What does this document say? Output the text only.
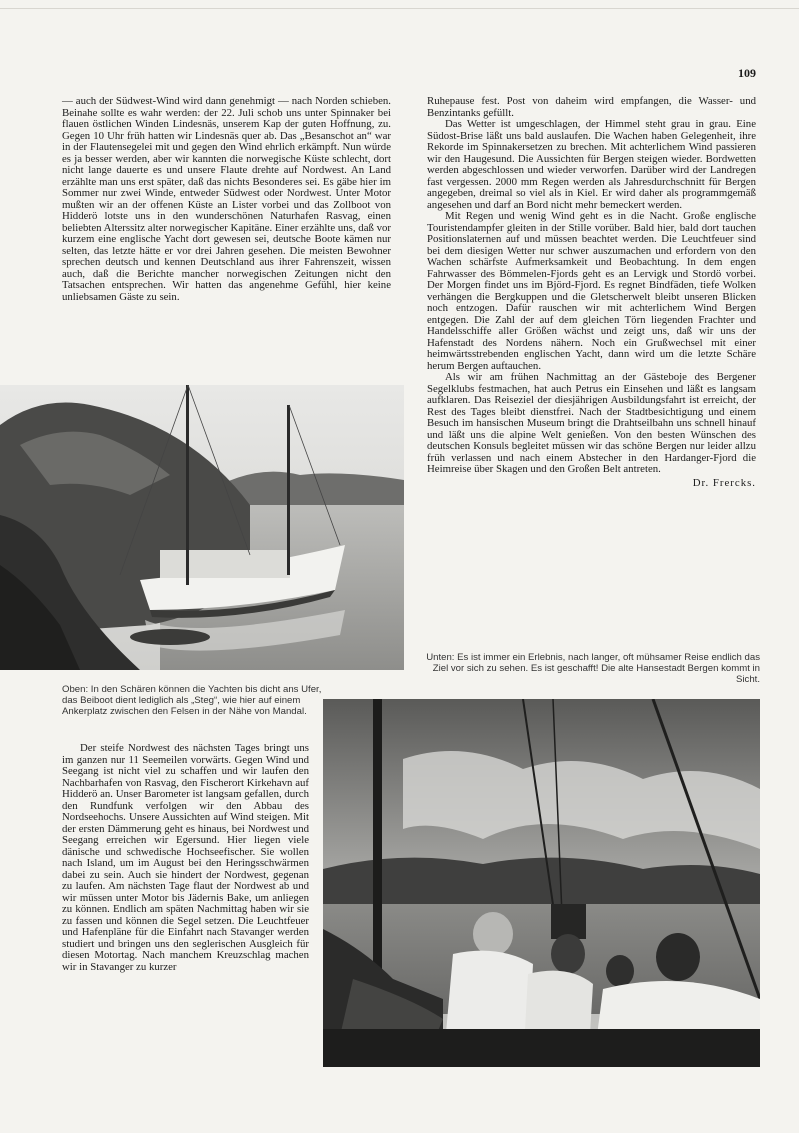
109

— auch der Südwest-Wind wird dann genehmigt — nach Norden schieben. Beinahe sollte es wahr werden: der 22. Juli schob uns unter Spinnaker bei flauen östlichen Winden Lindesnäs, unserem Kap der guten Hoffnung, zu. Gegen 10 Uhr früh hatten wir Lindesnäs quer ab. Das „Besanschot an“ war in der Flautensegelei mit und gegen den Wind ehrlich erkämpft. Nun würde es ja besser werden, aber wir kannten die norwegische Küste schlecht, dort nicht lange dauerte es und unsere Flaute drehte auf Nordwest. An Land erzählte man uns erst später, daß das nichts Besonderes sei. Es gäbe hier im Sommer nur zwei Winde, entweder Südwest oder Nordwest. Unter Motor mußten wir an der offenen Küste an Lister vorbei und das Zollboot von Hidderö lotste uns in den wunderschönen Naturhafen Rasvag, einen beliebten Alterssitz alter norwegischer Kapitäne. Einer erzählte uns, daß vor kurzem eine englische Yacht dort gewesen sei, deutsche Boote kämen nur selten, das letzte hätte er vor drei Jahren gesehen. Die meisten Bewohner sprechen deutsch und kennen Deutschland aus ihrer Fahrenszeit, wissen auch, daß die Berichte mancher norwegischen Zeitungen nicht den Tatsachen entsprechen. Wir hatten das angenehme Gefühl, hier keine unliebsamen Gäste zu sein.

Ruhepause fest. Post von daheim wird empfangen, die Wasser- und Benzintanks gefüllt.

Das Wetter ist umgeschlagen, der Himmel steht grau in grau. Eine Südost-Brise läßt uns bald auslaufen. Die Wachen haben Gelegenheit, ihre Rekorde im Spinnakersetzen zu brechen. Mit achterlichem Wind passieren wir den Haugesund. Die Aussichten für Bergen steigen wieder. Bordwetten werden abgeschlossen und wieder verworfen. Darüber wird der Landregen fast vergessen. 2000 mm Regen werden als Jahresdurchschnitt für Bergen angegeben, dreimal so viel als in Kiel. Er wird daher als programmgemäß angesehen und darf an Bord nicht mehr bemeckert werden.

Mit Regen und wenig Wind geht es in die Nacht. Große englische Touristendampfer gleiten in der Stille vorüber. Bald hier, bald dort tauchen Positionslaternen auf und müssen beachtet werden. Die Leuchtfeuer sind bei dem diesigen Wetter nur schwer auszumachen und erfordern von den Wachen schärfste Aufmerksamkeit und Beobachtung. In dem engen Fahrwasser des Bömmelen-Fjords geht es an Lervigk und Stordö vorbei. Der Morgen findet uns im Björd-Fjord. Es regnet Bindfäden, tiefe Wolken verhängen die Bergkuppen und die Gletscherwelt bleibt unseren Blicken noch entzogen. Dafür rauschen wir mit achterlichem Wind Bergen entgegen. Die Zahl der auf dem gleichen Törn liegenden Frachter und Handelsschiffe aller Größen wächst und zeigt uns, daß wir uns der Hafenstadt des Nordens nähern. Noch ein Grußwechsel mit einer heimwärtsstrebenden englischen Yacht, dann wird um die letzte Schäre herum Bergen auftauchen.

Als wir am frühen Nachmittag an der Gästeboje des Bergener Segelklubs festmachen, hat auch Petrus ein Einsehen und läßt es langsam aufklaren. Das Reiseziel der diesjährigen Ausbildungsfahrt ist erreicht, der Rest des Tages bleibt dienstfrei. Nach der Stadtbesichtigung und einem Besuch im hansischen Museum bringt die Drahtseilbahn uns schnell hinauf und läßt uns die alpine Welt genießen. Von den besten Wünschen des deutschen Konsuls begleitet müssen wir das schöne Bergen nur leider allzu früh verlassen und nach einem Abstecher in den Hardanger-Fjord die Heimreise über Skagen und den Großen Belt antreten.

Dr. Frercks.

Oben: In den Schären können die Yachten bis dicht ans Ufer, das Beiboot dient lediglich als „Steg“, wie hier auf einem Ankerplatz zwischen den Felsen in der Nähe von Mandal.
Unten: Es ist immer ein Erlebnis, nach langer, oft mühsamer Reise endlich das Ziel vor sich zu sehen. Es ist geschafft! Die alte Hansestadt Bergen kommt in Sicht.

Der steife Nordwest des nächsten Tages bringt uns im ganzen nur 11 Seemeilen vorwärts. Gegen Wind und Seegang ist nicht viel zu schaffen und wir laufen den Nachbarhafen von Rasvag, den Fischerort Kirkehavn auf Hidderö an. Unser Barometer ist langsam gefallen, durch den Rundfunk verfolgen wir den Abbau des Nordseehochs. Unsere Aussichten auf Wind steigen. Mit der ersten Dämmerung geht es hinaus, bei Nordwest und Seegang erreichen wir Egersund. Hier liegen viele dänische und schwedische Hochseefischer. Sie wollen nach Island, um im August bei den Heringsschwärmen dabei zu sein. Auch sie hindert der Nordwest, gegenan zu laufen. Am nächsten Tage flaut der Nordwest ab und wir müssen unter Motor bis Jädernis Bake, um anliegen zu können. Endlich am späten Nachmittag haben wir sie zu fassen und können die Segel setzen. Die Leuchtfeuer und Hafenpläne für die Einfahrt nach Stavanger werden studiert und bringen uns den seglerischen Ausgleich für diesen Motortag. Nach manchem Kreuzschlag machen wir in Stavanger zu kurzer
